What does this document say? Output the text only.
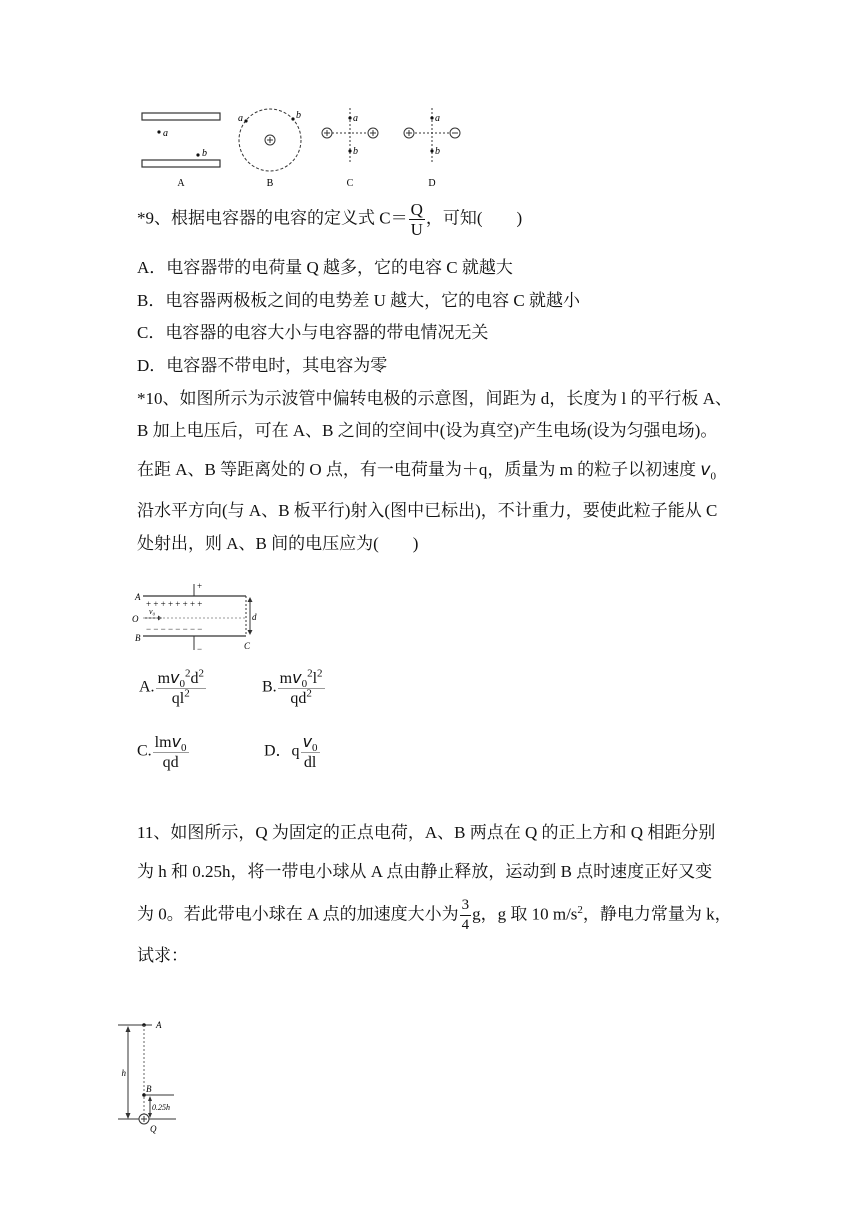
a
b
A
a	b
B
a
b
C
a
b
D
*9、根据电容器的电容的定义式 $C= \frac{Q}{U}$ ，可知(　　)
A．电容器带的电荷量 Q 越多，它的电容 C 就越大
B．电容器两极板之间的电势差 U 越大，它的电容 C 就越小
C．电容器的电容大小与电容器的带电情况无关
D．电容器不带电时，其电容为零
*10、如图所示为示波管中偏转电极的示意图，间距为 d，长度为 l 的平行板 A、
B 加上电压后，可在 A、B 之间的空间中(设为真空)产生电场(设为匀强电场)。
在距 A、B 等距离处的 O 点，有一电荷量为＋q，质量为 m 的粒子以初速度 $v_0$
沿水平方向(与 A、B 板平行)射入(图中已标出)，不计重力，要使此粒子能从 C
处射出，则 A、B 间的电压应为(　　)
+
−
A
B
+ + + + + + + +
− − − − − − − −
O
v₀
d
C
A. $\frac{mv_0^2d^2}{ql^2}$	B. $\frac{mv_0^2l^2}{qd^2}$
C. $\frac{lmv_0}{qd}$	D．q $\frac{v_0}{dl}$
11、如图所示，Q 为固定的正点电荷，A、B 两点在 Q 的正上方和 Q 相距分别
为 h 和 0.25h，将一带电小球从 A 点由静止释放，运动到 B 点时速度正好又变
为 0。若此带电小球在 A 点的加速度大小为 $\frac{3}{4}$ g，g 取 10 $m/s^2$，静电力常量为 k，
试求：
A
h
B
0.25h
Q
